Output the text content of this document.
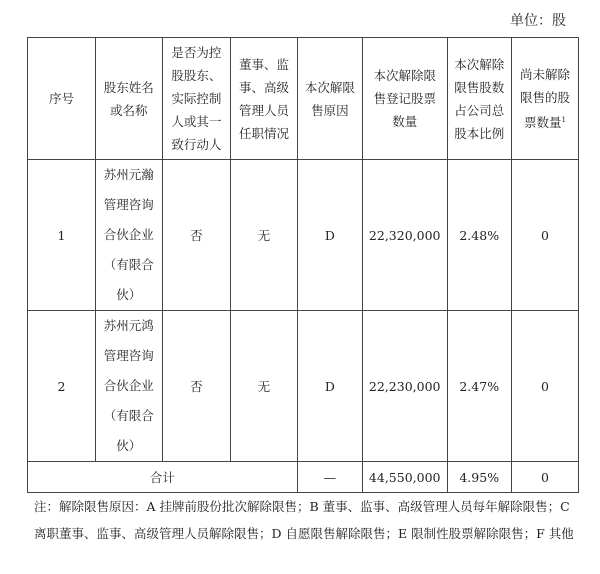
单位：股
序号	股东姓名或名称	是否为控股股东、实际控制人或其一致行动人	董事、监事、高级管理人员任职情况	本次解限售原因	本次解除限售登记股票数量	本次解除限售股数占公司总股本比例	尚未解除限售的股票数量$^1$
1	苏州元瀚管理咨询合伙企业（有限合伙）	否	无	D	22,320,000	2.48%	0
2	苏州元鸿管理咨询合伙企业（有限合伙）	否	无	D	22,230,000	2.47%	0
合计				—	44,550,000	4.95%	0
注：解除限售原因：A 挂牌前股份批次解除限售；B 董事、监事、高级管理人员每年解除限售；C 离职董事、监事、高级管理人员解除限售；D 自愿限售解除限售；E 限制性股票解除限售；F 其他
